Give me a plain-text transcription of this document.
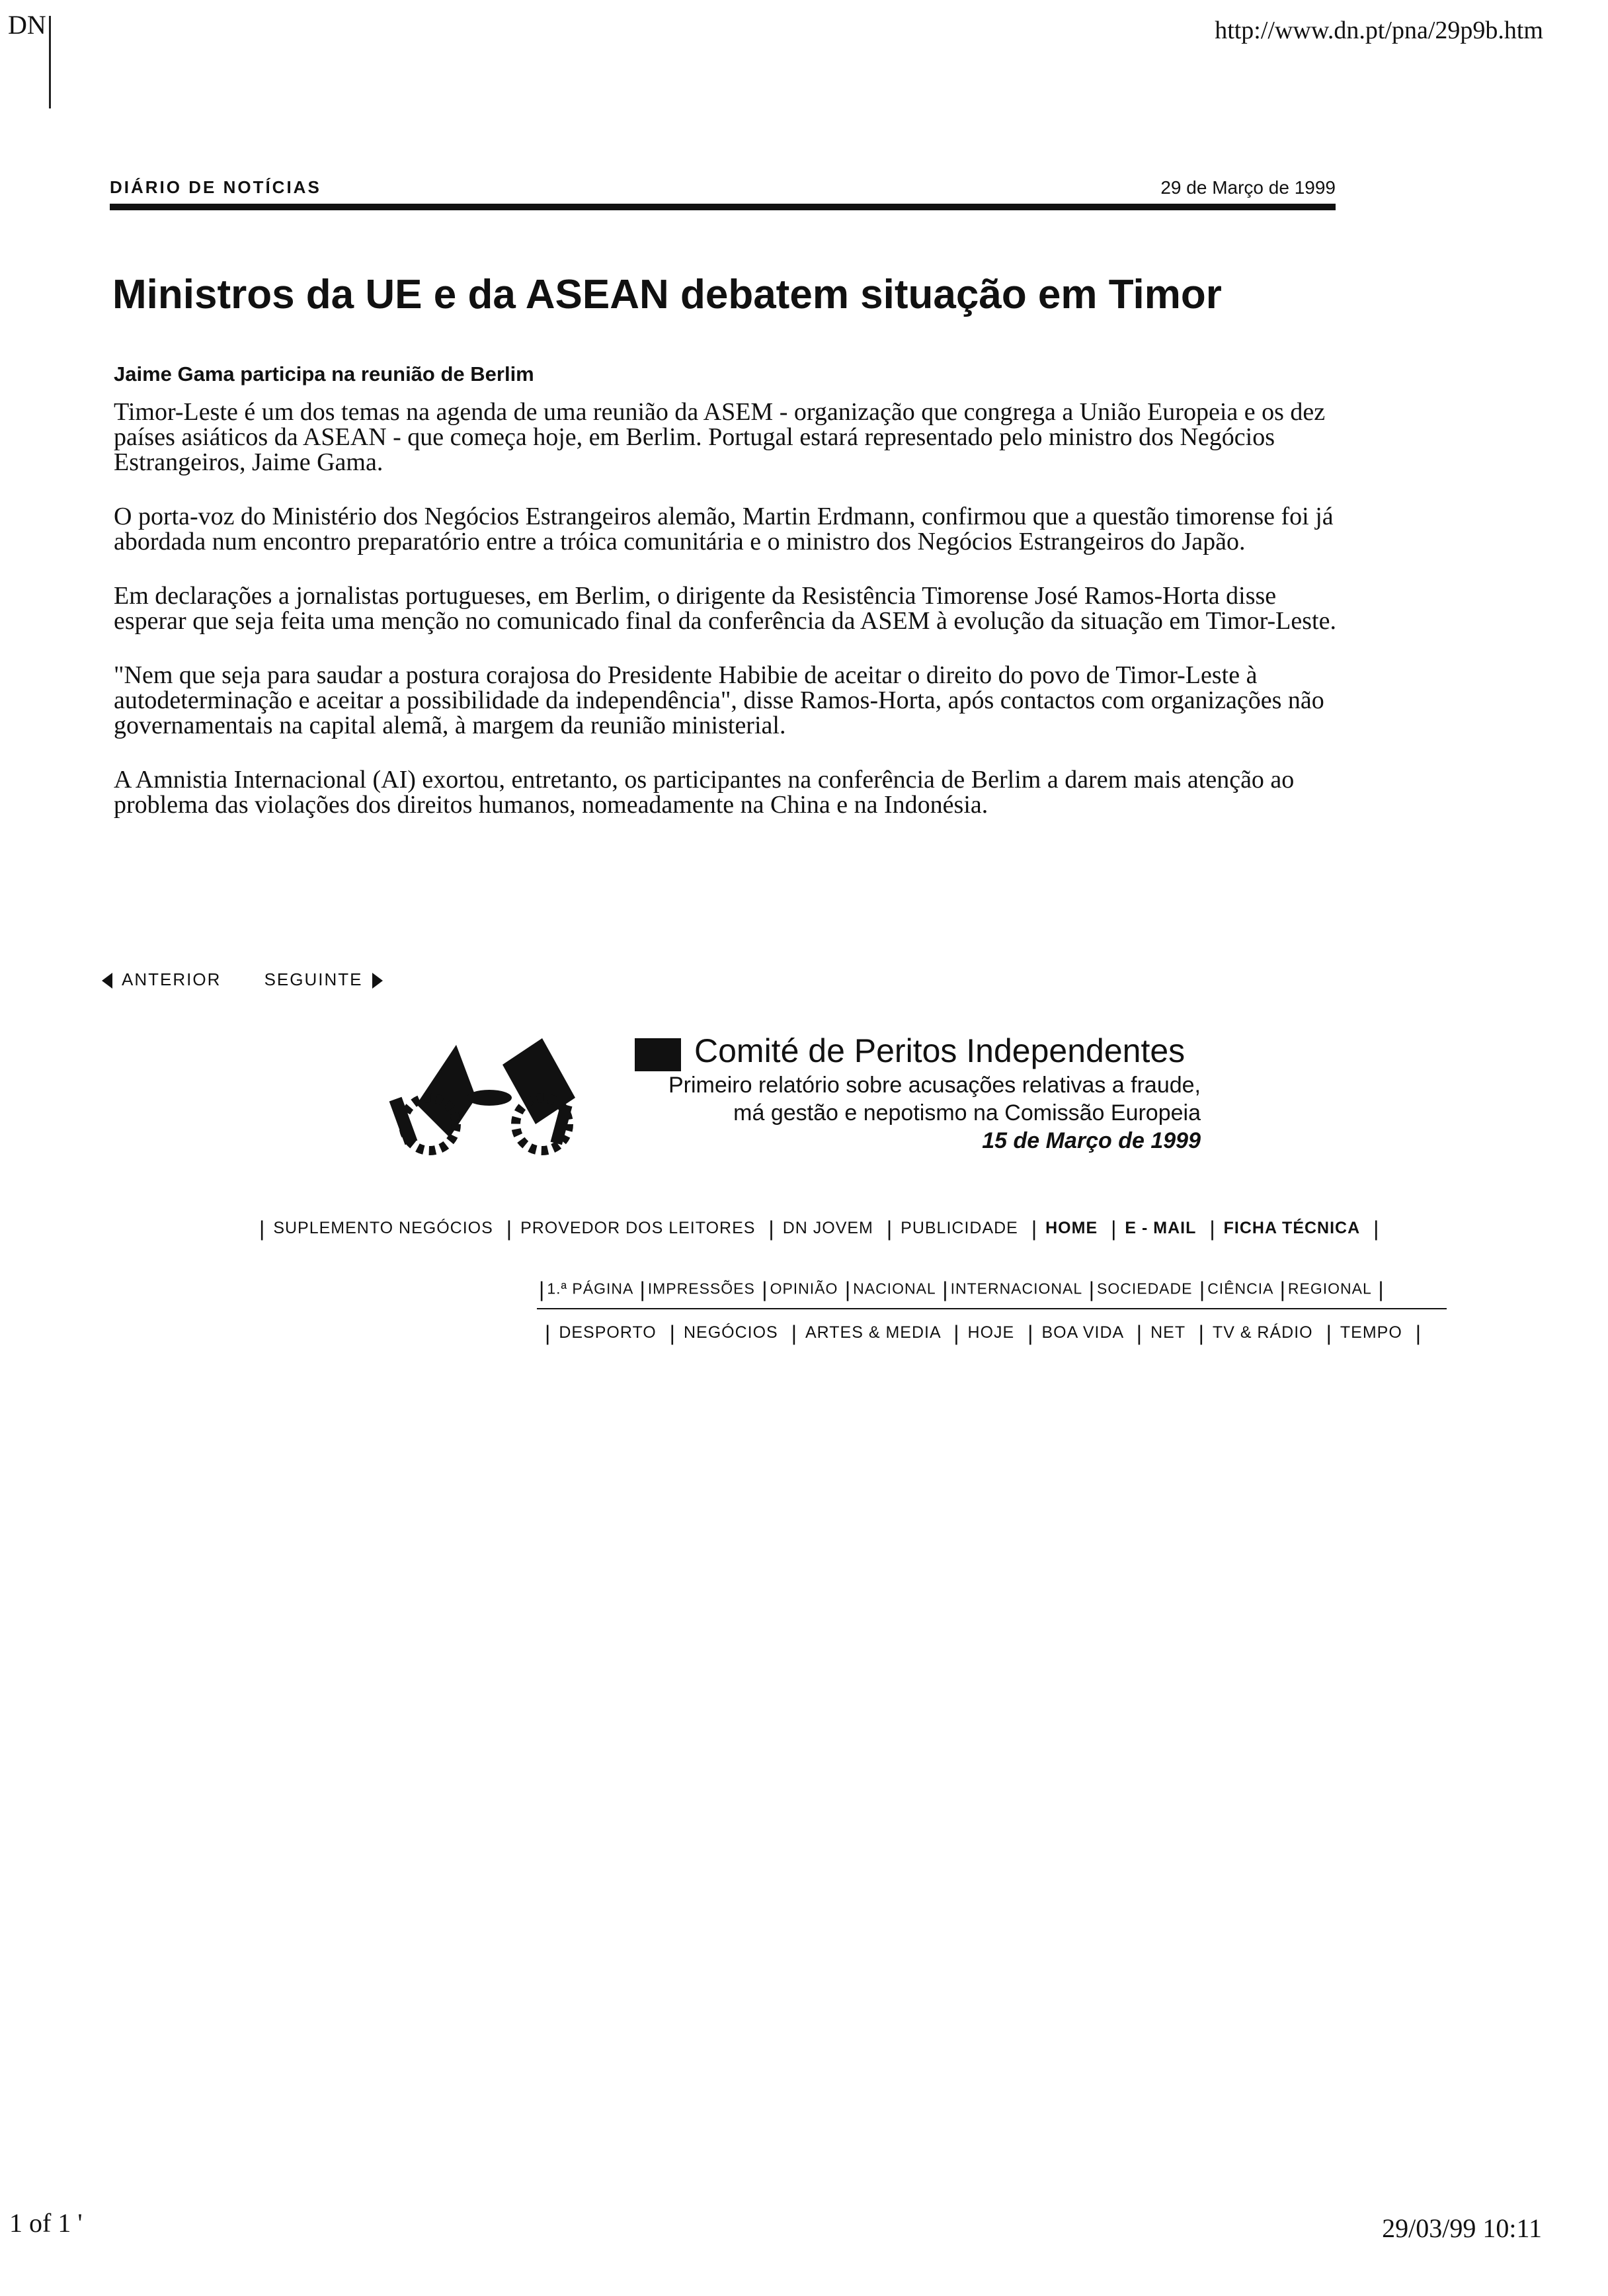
DN	http://www.dn.pt/pna/29p9b.htm
1 of 1 '	29/03/99 10:11
DIÁRIO DE NOTÍCIAS	29 de Março de 1999
Ministros da UE e da ASEAN debatem situação em Timor
Jaime Gama participa na reunião de Berlim

Timor-Leste é um dos temas na agenda de uma reunião da ASEM - organização que congrega a União Europeia e os dez países asiáticos da ASEAN - que começa hoje, em Berlim. Portugal estará representado pelo ministro dos Negócios Estrangeiros, Jaime Gama.

O porta-voz do Ministério dos Negócios Estrangeiros alemão, Martin Erdmann, confirmou que a questão timorense foi já abordada num encontro preparatório entre a tróica comunitária e o ministro dos Negócios Estrangeiros do Japão.

Em declarações a jornalistas portugueses, em Berlim, o dirigente da Resistência Timorense José Ramos-Horta disse esperar que seja feita uma menção no comunicado final da conferência da ASEM à evolução da situação em Timor-Leste.

"Nem que seja para saudar a postura corajosa do Presidente Habibie de aceitar o direito do povo de Timor-Leste à autodeterminação e aceitar a possibilidade da independência", disse Ramos-Horta, após contactos com organizações não governamentais na capital alemã, à margem da reunião ministerial.

A Amnistia Internacional (AI) exortou, entretanto, os participantes na conferência de Berlim a darem mais atenção ao problema das violações dos direitos humanos, nomeadamente na China e na Indonésia.

ANTERIOR	SEGUINTE
Comité de Peritos Independentes
Primeiro relatório sobre acusações relativas a fraude,
má gestão e nepotismo na Comissão Europeia
15 de Março de 1999
| SUPLEMENTO NEGÓCIOS | PROVEDOR DOS LEITORES | DN JOVEM | PUBLICIDADE | HOME | E - MAIL | FICHA TÉCNICA |
| 1.ª PÁGINA | IMPRESSÕES | OPINIÃO | NACIONAL | INTERNACIONAL | SOCIEDADE | CIÊNCIA | REGIONAL |
| DESPORTO | NEGÓCIOS | ARTES & MEDIA | HOJE | BOA VIDA | NET | TV & RÁDIO | TEMPO |
